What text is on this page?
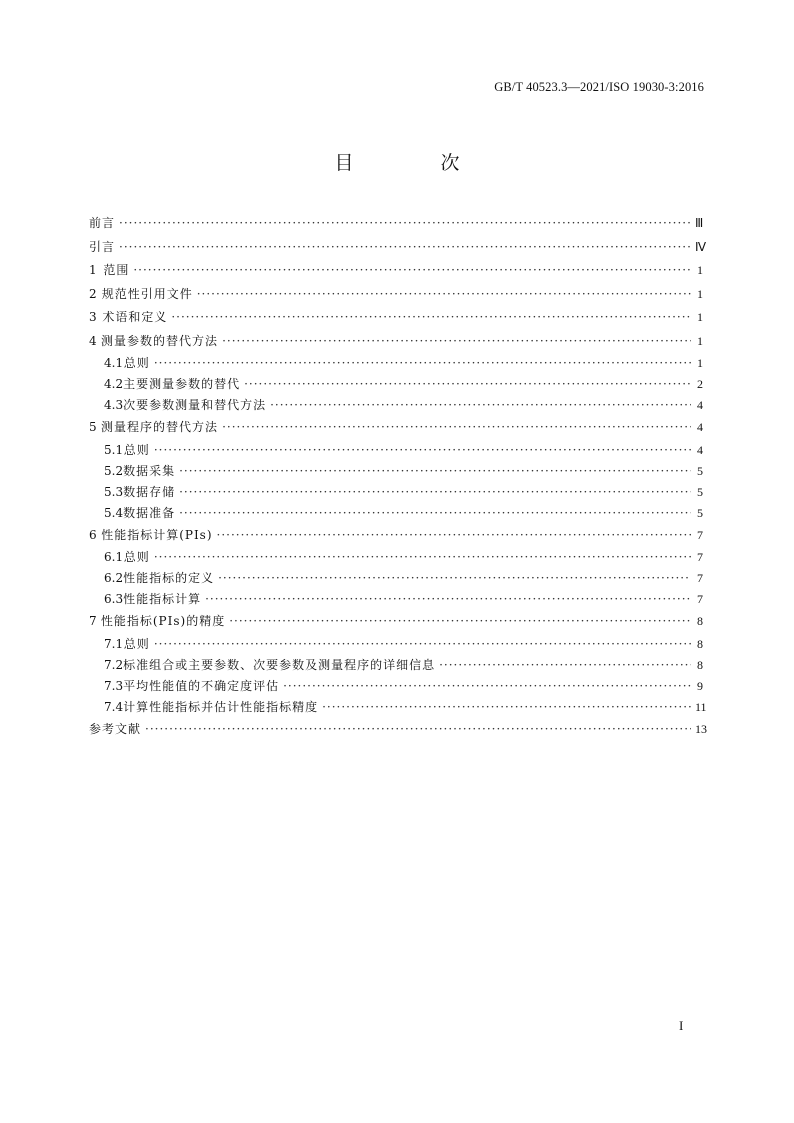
GB/T 40523.3—2021/ISO 19030-3:2016
目　次
前言 ·····	Ⅲ
引言 ·····	Ⅳ
1 范围 ·····	1
2 规范性引用文件 ·····	1
3 术语和定义 ·····	1
4 测量参数的替代方法 ·····	1
4.1 总则 ·····	1
4.2 主要测量参数的替代 ·····	2
4.3 次要参数测量和替代方法 ·····	4
5 测量程序的替代方法 ·····	4
5.1 总则 ·····	4
5.2 数据采集 ·····	5
5.3 数据存储 ·····	5
5.4 数据准备 ·····	5
6 性能指标计算(PIs) ·····	7
6.1 总则 ·····	7
6.2 性能指标的定义 ·····	7
6.3 性能指标计算 ·····	7
7 性能指标(PIs)的精度 ·····	8
7.1 总则 ·····	8
7.2 标准组合或主要参数、次要参数及测量程序的详细信息 ·····	8
7.3 平均性能值的不确定度评估 ·····	9
7.4 计算性能指标并估计性能指标精度 ·····	11
参考文献 ·····	13
I
